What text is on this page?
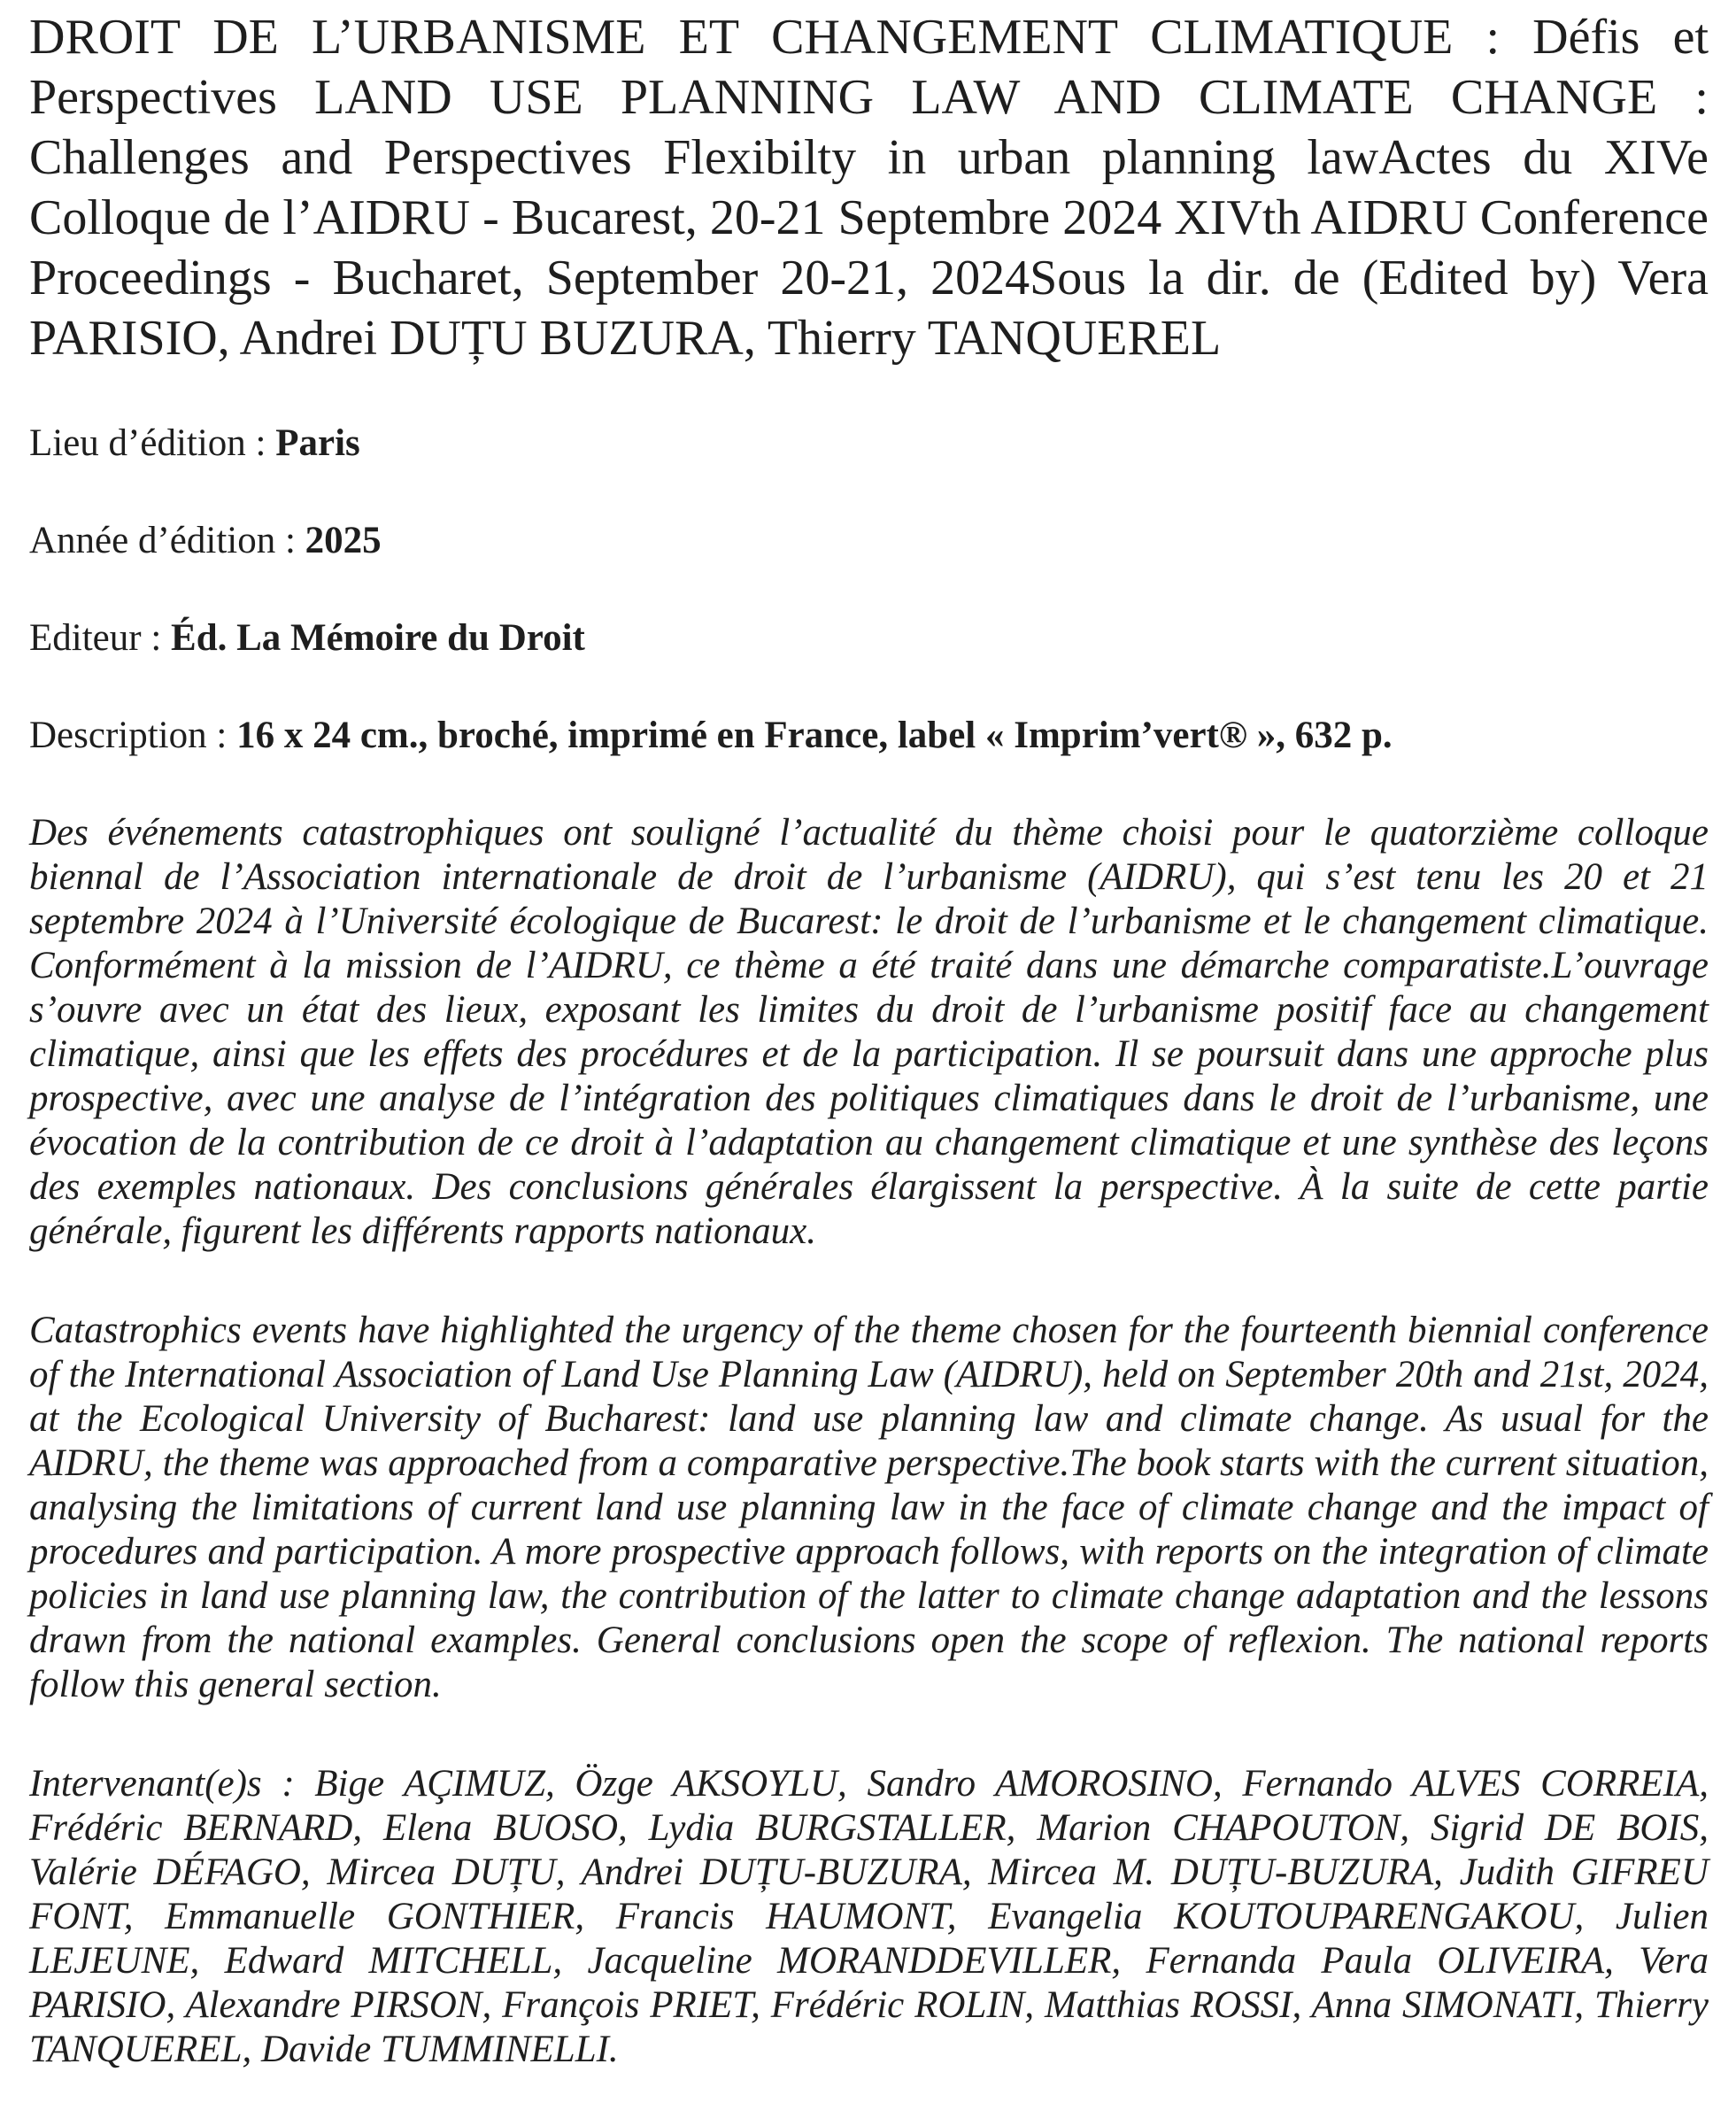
DROIT DE L’URBANISME ET CHANGEMENT CLIMATIQUE : Défis et Perspectives LAND USE PLANNING LAW AND CLIMATE CHANGE : Challenges and Perspectives Flexibilty in urban planning lawActes du XIVe Colloque de l’AIDRU - Bucarest, 20-21 Septembre 2024 XIVth AIDRU Conference Proceedings - Bucharet, September 20-21, 2024Sous la dir. de (Edited by) Vera PARISIO, Andrei DUȚU BUZURA, Thierry TANQUEREL

Lieu d’édition : Paris

Année d’édition : 2025

Editeur : Éd. La Mémoire du Droit

Description : 16 x 24 cm., broché, imprimé en France, label « Imprim’vert® », 632 p.

Des événements catastrophiques ont souligné l’actualité du thème choisi pour le quatorzième colloque biennal de l’Association internationale de droit de l’urbanisme (AIDRU), qui s’est tenu les 20 et 21 septembre 2024 à l’Université écologique de Bucarest: le droit de l’urbanisme et le changement climatique. Conformément à la mission de l’AIDRU, ce thème a été traité dans une démarche comparatiste.L’ouvrage s’ouvre avec un état des lieux, exposant les limites du droit de l’urbanisme positif face au changement climatique, ainsi que les effets des procédures et de la participation. Il se poursuit dans une approche plus prospective, avec une analyse de l’intégration des politiques climatiques dans le droit de l’urbanisme, une évocation de la contribution de ce droit à l’adaptation au changement climatique et une synthèse des leçons des exemples nationaux. Des conclusions générales élargissent la perspective. À la suite de cette partie générale, figurent les différents rapports nationaux.

Catastrophics events have highlighted the urgency of the theme chosen for the fourteenth biennial conference of the International Association of Land Use Planning Law (AIDRU), held on September 20th and 21st, 2024, at the Ecological University of Bucharest: land use planning law and climate change. As usual for the AIDRU, the theme was approached from a comparative perspective.The book starts with the current situation, analysing the limitations of current land use planning law in the face of climate change and the impact of procedures and participation. A more prospective approach follows, with reports on the integration of climate policies in land use planning law, the contribution of the latter to climate change adaptation and the lessons drawn from the national examples. General conclusions open the scope of reflexion. The national reports follow this general section.

Intervenant(e)s : Bige AÇIMUZ, Özge AKSOYLU, Sandro AMOROSINO, Fernando ALVES CORREIA, Frédéric BERNARD, Elena BUOSO, Lydia BURGSTALLER, Marion CHAPOUTON, Sigrid DE BOIS, Valérie DÉFAGO, Mircea DUȚU, Andrei DUȚU-BUZURA, Mircea M. DUȚU-BUZURA, Judith GIFREU FONT, Emmanuelle GONTHIER, Francis HAUMONT, Evangelia KOUTOUPARENGAKOU, Julien LEJEUNE, Edward MITCHELL, Jacqueline MORANDDEVILLER, Fernanda Paula OLIVEIRA, Vera PARISIO, Alexandre PIRSON, François PRIET, Frédéric ROLIN, Matthias ROSSI, Anna SIMONATI, Thierry TANQUEREL, Davide TUMMINELLI.
